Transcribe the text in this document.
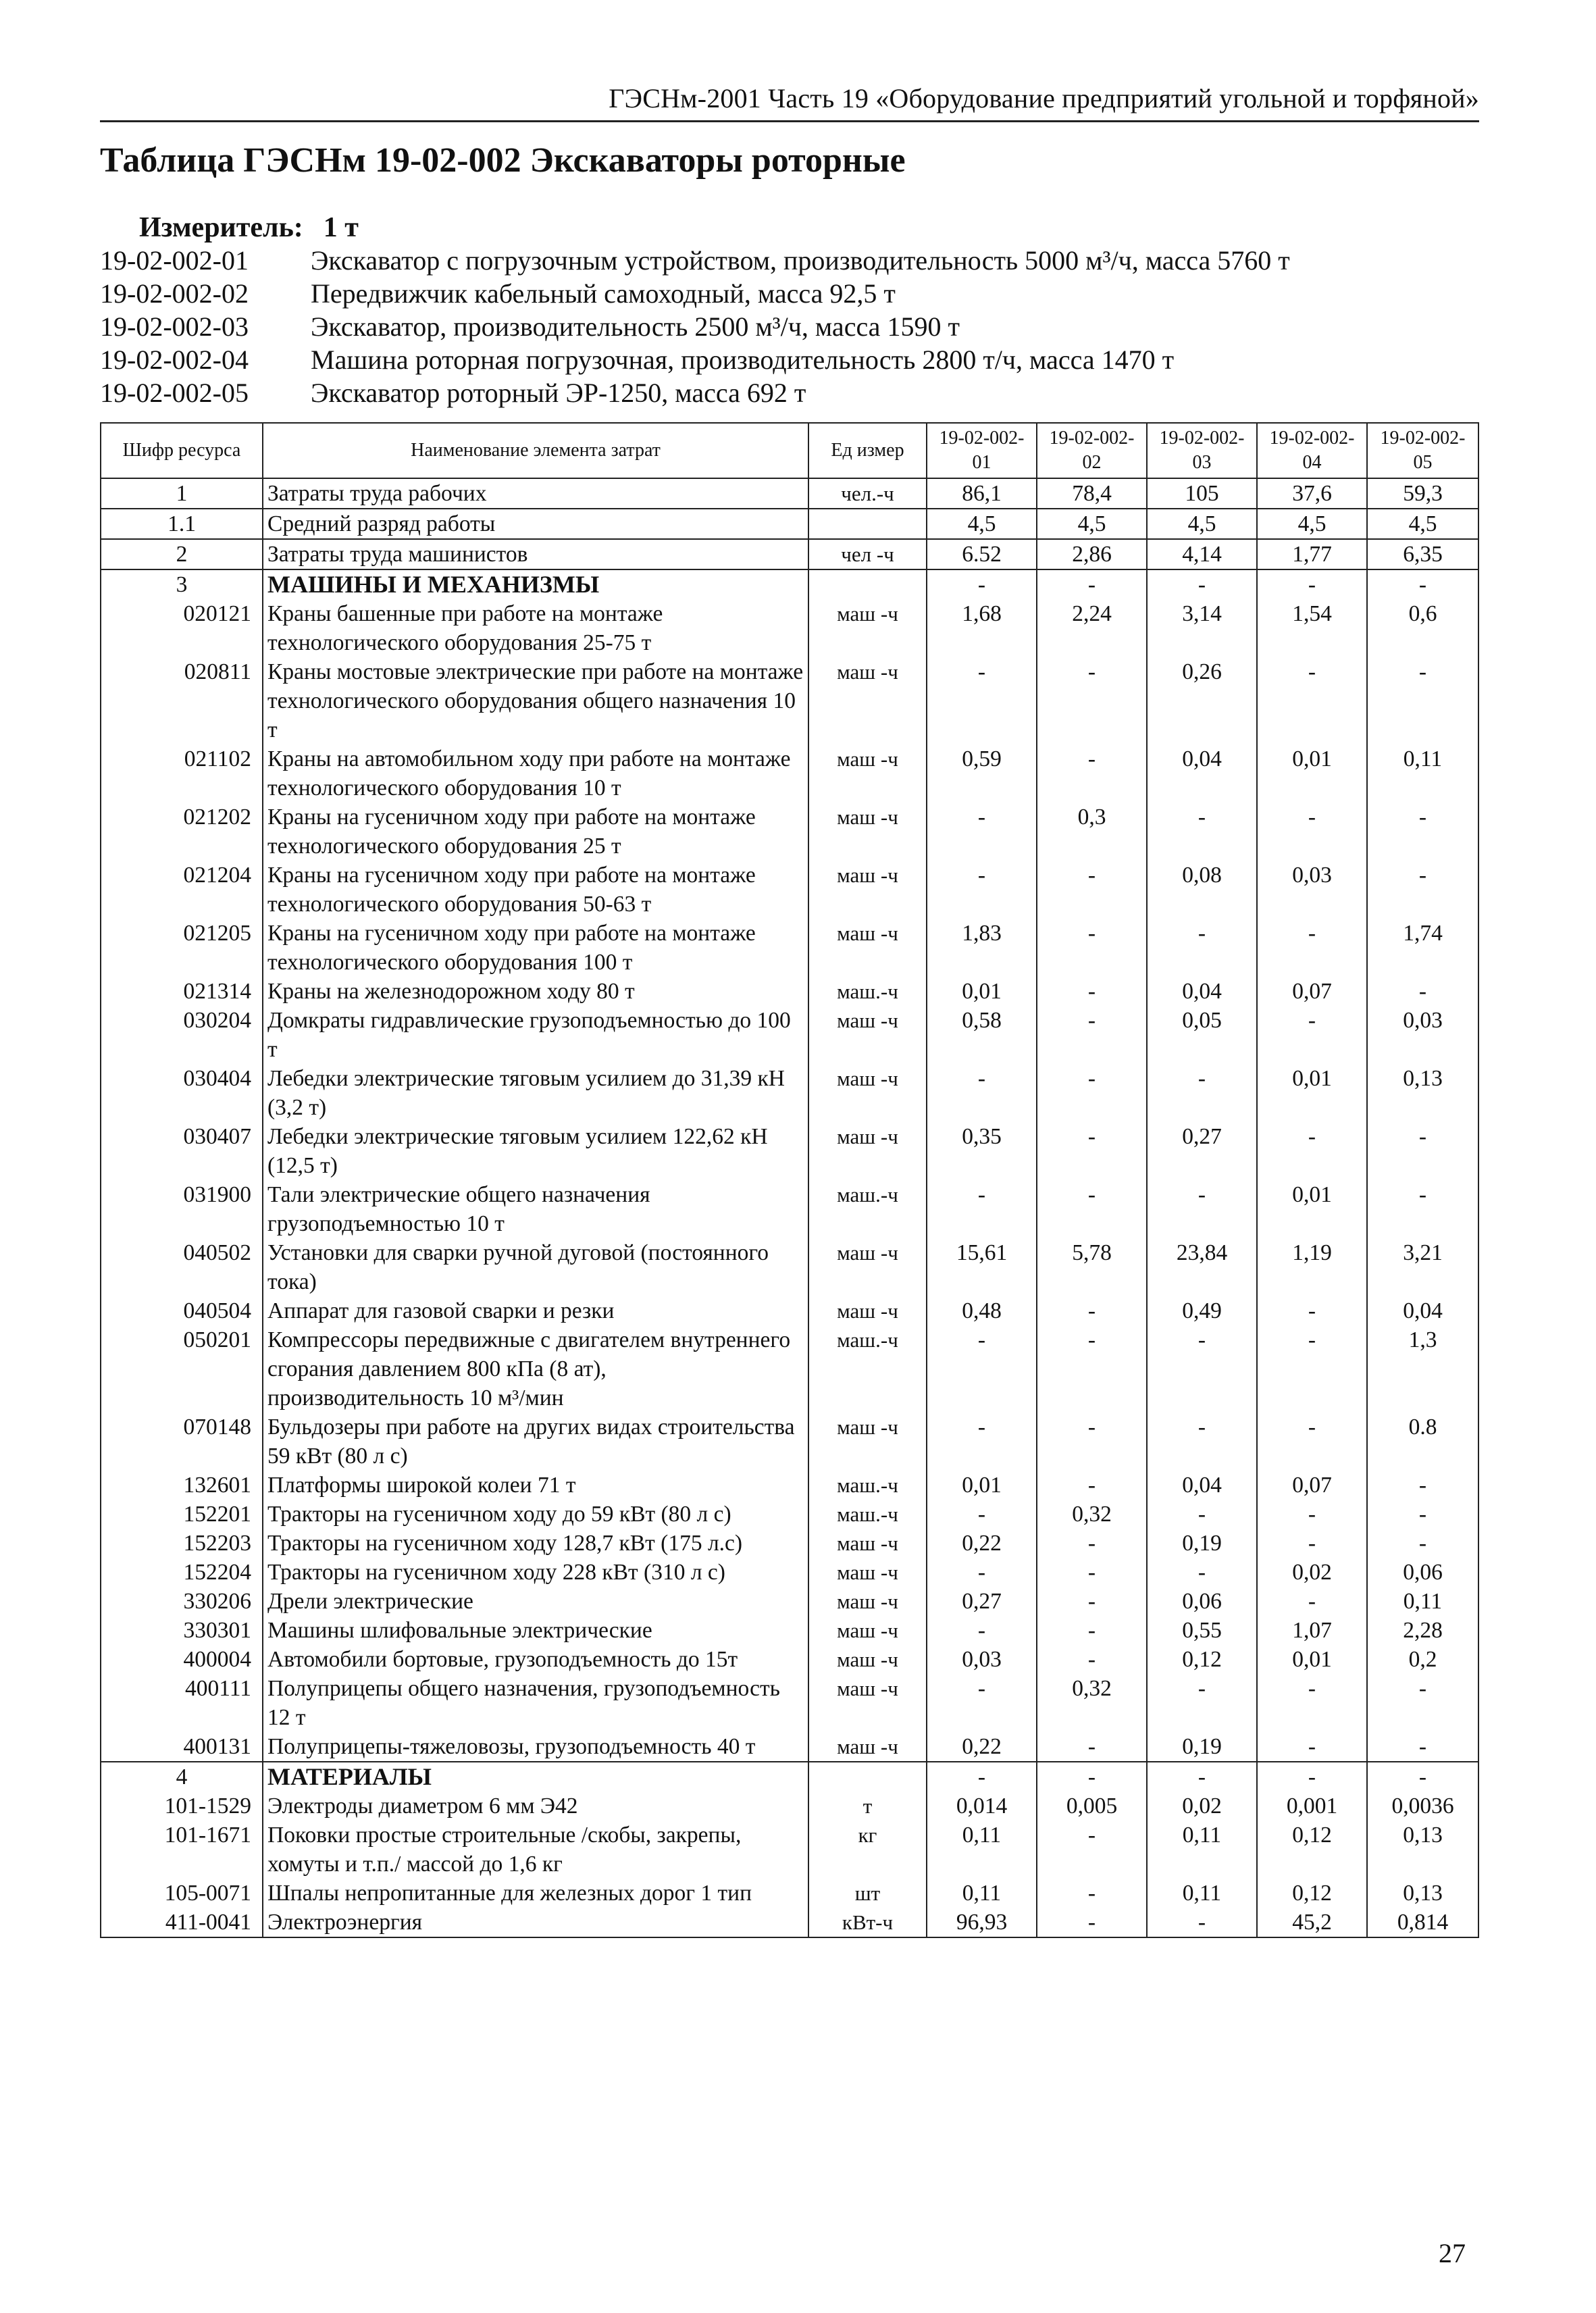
ГЭСНм-2001 Часть 19 «Оборудование предприятий угольной и торфяной»
Таблица ГЭСНм 19-02-002 Экскаваторы роторные
Измеритель: 1 т
19-02-002-01 Экскаватор с погрузочным устройством, производительность 5000 м³/ч, масса 5760 т
19-02-002-02 Передвижчик кабельный самоходный, масса 92,5 т
19-02-002-03 Экскаватор, производительность 2500 м³/ч, масса 1590 т
19-02-002-04 Машина роторная погрузочная, производительность 2800 т/ч, масса 1470 т
19-02-002-05 Экскаватор роторный ЭР-1250, масса 692 т
Шифр ресурса	Наименование элемента затрат	Ед измер	19-02-002-01	19-02-002-02	19-02-002-03	19-02-002-04	19-02-002-05
1	Затраты труда рабочих	чел.-ч	86,1	78,4	105	37,6	59,3
1.1	Средний разряд работы		4,5	4,5	4,5	4,5	4,5
2	Затраты труда машинистов	чел -ч	6.52	2,86	4,14	1,77	6,35
3	МАШИНЫ И МЕХАНИЗМЫ		-	-	-	-	-
020121	Краны башенные при работе на монтаже технологического оборудования 25-75 т	маш -ч	1,68	2,24	3,14	1,54	0,6
020811	Краны мостовые электрические при работе на монтаже технологического оборудования общего назначения 10 т	маш -ч	-	-	0,26	-	-
021102	Краны на автомобильном ходу при работе на монтаже технологического оборудования 10 т	маш -ч	0,59	-	0,04	0,01	0,11
021202	Краны на гусеничном ходу при работе на монтаже технологического оборудования 25 т	маш -ч	-	0,3	-	-	-
021204	Краны на гусеничном ходу при работе на монтаже технологического оборудования 50-63 т	маш -ч	-	-	0,08	0,03	-
021205	Краны на гусеничном ходу при работе на монтаже технологического оборудования 100 т	маш -ч	1,83	-	-	-	1,74
021314	Краны на железнодорожном ходу 80 т	маш.-ч	0,01	-	0,04	0,07	-
030204	Домкраты гидравлические грузоподъемностью до 100 т	маш -ч	0,58	-	0,05	-	0,03
030404	Лебедки электрические тяговым усилием до 31,39 кН (3,2 т)	маш -ч	-	-	-	0,01	0,13
030407	Лебедки электрические тяговым усилием 122,62 кН (12,5 т)	маш -ч	0,35	-	0,27	-	-
031900	Тали электрические общего назначения грузоподъемностью 10 т	маш.-ч	-	-	-	0,01	-
040502	Установки для сварки ручной дуговой (постоянного тока)	маш -ч	15,61	5,78	23,84	1,19	3,21
040504	Аппарат для газовой сварки и резки	маш -ч	0,48	-	0,49	-	0,04
050201	Компрессоры передвижные с двигателем внутреннего сгорания давлением 800 кПа (8 ат), производительность 10 м³/мин	маш.-ч	-	-	-	-	1,3
070148	Бульдозеры при работе на других видах строительства 59 кВт (80 л с)	маш -ч	-	-	-	-	0.8
132601	Платформы широкой колеи 71 т	маш.-ч	0,01	-	0,04	0,07	-
152201	Тракторы на гусеничном ходу до 59 кВт (80 л с)	маш.-ч	-	0,32	-	-	-
152203	Тракторы на гусеничном ходу 128,7 кВт (175 л.с)	маш -ч	0,22	-	0,19	-	-
152204	Тракторы на гусеничном ходу 228 кВт (310 л с)	маш -ч	-	-	-	0,02	0,06
330206	Дрели электрические	маш -ч	0,27	-	0,06	-	0,11
330301	Машины шлифовальные электрические	маш -ч	-	-	0,55	1,07	2,28
400004	Автомобили бортовые, грузоподъемность до 15т	маш -ч	0,03	-	0,12	0,01	0,2
400111	Полуприцепы общего назначения, грузоподъемность 12 т	маш -ч	-	0,32	-	-	-
400131	Полуприцепы-тяжеловозы, грузоподъемность 40 т	маш -ч	0,22	-	0,19	-	-
4	МАТЕРИАЛЫ		-	-	-	-	-
101-1529	Электроды диаметром 6 мм Э42	т	0,014	0,005	0,02	0,001	0,0036
101-1671	Поковки простые строительные /скобы, закрепы, хомуты и т.п./ массой до 1,6 кг	кг	0,11	-	0,11	0,12	0,13
105-0071	Шпалы непропитанные для железных дорог 1 тип	шт	0,11	-	0,11	0,12	0,13
411-0041	Электроэнергия	кВт-ч	96,93	-	-	45,2	0,814
27
